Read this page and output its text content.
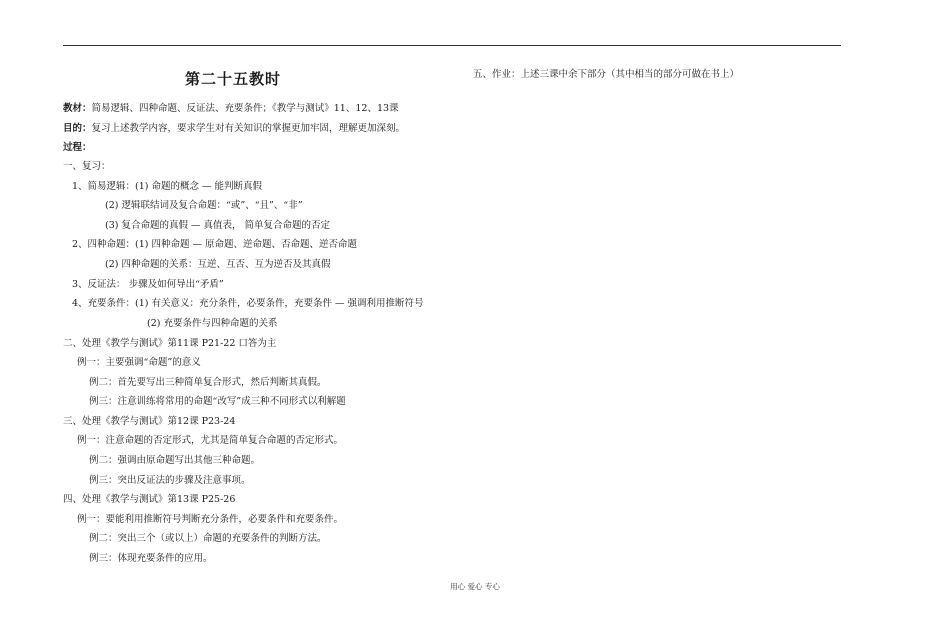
第二十五教时
教材：简易逻辑、四种命题、反证法、充要条件；《教学与测试》11、12、13课
目的：复习上述教学内容，要求学生对有关知识的掌握更加牢固，理解更加深刻。
过程：
一、复习：
1、简易逻辑：(1) 命题的概念 — 能判断真假
(2) 逻辑联结词及复合命题：“或”、“且”、“非”
(3) 复合命题的真假 — 真值表， 简单复合命题的否定
2、四种命题：(1) 四种命题 — 原命题、逆命题、否命题、逆否命题
(2) 四种命题的关系：互逆、互否、互为逆否及其真假
3、反证法： 步骤及如何导出“矛盾”
4、充要条件：(1) 有关意义：充分条件，必要条件，充要条件 — 强调利用推断符号
(2) 充要条件与四种命题的关系
二、处理《教学与测试》第11课 P21-22 口答为主
例一：主要强调“命题”的意义
例二：首先要写出三种简单复合形式，然后判断其真假。
例三：注意训练将常用的命题“改写”成三种不同形式以利解题
三、处理《教学与测试》第12课 P23-24
例一：注意命题的否定形式，尤其是简单复合命题的否定形式。
例二：强调由原命题写出其他三种命题。
例三：突出反证法的步骤及注意事项。
四、处理《教学与测试》第13课 P25-26
例一：要能利用推断符号判断充分条件，必要条件和充要条件。
例二：突出三个（或以上）命题的充要条件的判断方法。
例三：体现充要条件的应用。
五、作业：上述三课中余下部分（其中相当的部分可做在书上）
用心 爱心 专心
